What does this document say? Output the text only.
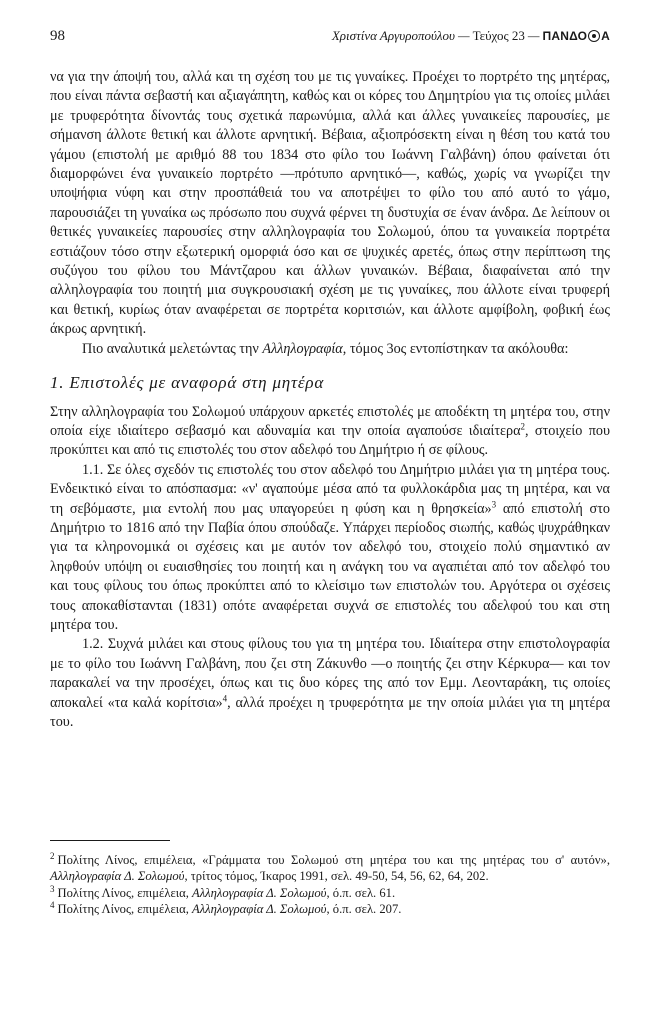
98	Χριστίνα Αργυροπούλου — Τεύχος 23 — ΠΑΝΔΟ Α

να για την άποψή του, αλλά και τη σχέση του με τις γυναίκες. Προέχει το πορτρέτο της μητέρας, που είναι πάντα σεβαστή και αξιαγάπητη, καθώς και οι κόρες του Δημητρίου για τις οποίες μιλάει με τρυφερότητα δίνοντάς τους σχετικά παρωνύμια, αλλά και άλλες γυναικείες παρουσίες, με σήμανση άλλοτε θετική και άλλοτε αρνητική. Βέβαια, αξιοπρόσεκτη είναι η θέση του κατά του γάμου (επιστολή με αριθμό 88 του 1834 στο φίλο του Ιωάννη Γαλβάνη) όπου φαίνεται ότι διαμορφώνει ένα γυναικείο πορτρέτο —πρότυπο αρνητικό—, καθώς, χωρίς να γνωρίζει την υποψήφια νύφη και στην προσπάθειά του να αποτρέψει το φίλο του από αυτό το γάμο, παρουσιάζει τη γυναίκα ως πρόσωπο που συχνά φέρνει τη δυστυχία σε έναν άνδρα. Δε λείπουν οι θετικές γυναικείες παρουσίες στην αλληλογραφία του Σολωμού, όπου τα γυναικεία πορτρέτα εστιάζουν τόσο στην εξωτερική ομορφιά όσο και σε ψυχικές αρετές, όπως στην περίπτωση της συζύγου του φίλου του Μάντζαρου και άλλων γυναικών. Βέβαια, διαφαίνεται από την αλληλογραφία του ποιητή μια συγκρουσιακή σχέση με τις γυναίκες, που άλλοτε είναι τρυφερή και θετική, κυρίως όταν αναφέρεται σε πορτρέτα κοριτσιών, και άλλοτε αμφίβολη, φοβική έως άκρως αρνητική.

Πιο αναλυτικά μελετώντας την Αλληλογραφία, τόμος 3ος εντοπίστηκαν τα ακόλουθα:

1. Επιστολές με αναφορά στη μητέρα

Στην αλληλογραφία του Σολωμού υπάρχουν αρκετές επιστολές με αποδέκτη τη μητέρα του, στην οποία είχε ιδιαίτερο σεβασμό και αδυναμία και την οποία αγαπούσε ιδιαίτερα$^2$, στοιχείο που προκύπτει και από τις επιστολές του στον αδελφό του Δημήτριο ή σε φίλους.

1.1. Σε όλες σχεδόν τις επιστολές του στον αδελφό του Δημήτριο μιλάει για τη μητέρα τους. Ενδεικτικό είναι το απόσπασμα: «ν' αγαπούμε μέσα από τα φυλλοκάρδια μας τη μητέρα, και να τη σεβόμαστε, μια εντολή που μας υπαγορεύει η φύση και η θρησκεία»$^3$ από επιστολή στο Δημήτριο το 1816 από την Παβία όπου σπούδαζε. Υπάρχει περίοδος σιωπής, καθώς ψυχράθηκαν για τα κληρονομικά οι σχέσεις και με αυτόν τον αδελφό του, στοιχείο πολύ σημαντικό αν ληφθούν υπόψη οι ευαισθησίες του ποιητή και η ανάγκη του να αγαπιέται από τον αδελφό του και τους φίλους του όπως προκύπτει από το κλείσιμο των επιστολών του. Αργότερα οι σχέσεις τους αποκαθίστανται (1831) οπότε αναφέρεται συχνά σε επιστολές του αδελφού του και στη μητέρα του.

1.2. Συχνά μιλάει και στους φίλους του για τη μητέρα του. Ιδιαίτερα στην επιστολογραφία με το φίλο του Ιωάννη Γαλβάνη, που ζει στη Ζάκυνθο —ο ποιητής ζει στην Κέρκυρα— και τον παρακαλεί να την προσέχει, όπως και τις δυο κόρες της από τον Εμμ. Λεονταράκη, τις οποίες αποκαλεί «τα καλά κορίτσια»$^4$, αλλά προέχει η τρυφερότητα με την οποία μιλάει για τη μητέρα του.

$^2$ Πολίτης Λίνος, επιμέλεια, «Γράμματα του Σολωμού στη μητέρα του και της μητέρας του σ' αυτόν», Αλληλογραφία Δ. Σολωμού, τρίτος τόμος, Ίκαρος 1991, σελ. 49-50, 54, 56, 62, 64, 202.

$^3$ Πολίτης Λίνος, επιμέλεια, Αλληλογραφία Δ. Σολωμού, ό.π. σελ. 61.

$^4$ Πολίτης Λίνος, επιμέλεια, Αλληλογραφία Δ. Σολωμού, ό.π. σελ. 207.
